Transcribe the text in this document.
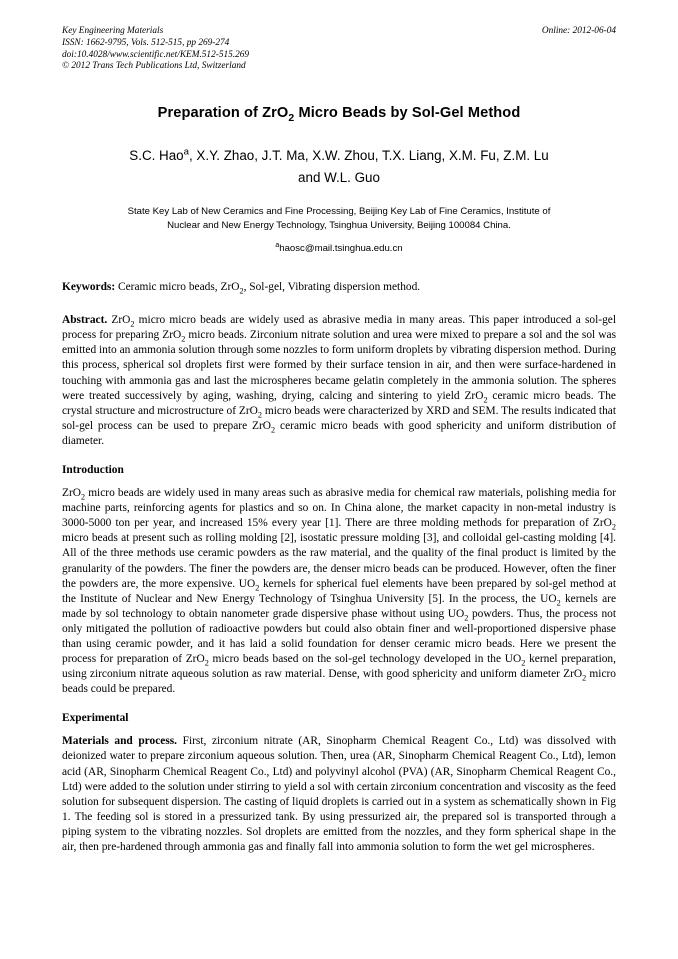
Key Engineering Materials
ISSN: 1662-9795, Vols. 512-515, pp 269-274
doi:10.4028/www.scientific.net/KEM.512-515.269
© 2012 Trans Tech Publications Ltd, Switzerland
Online: 2012-06-04
Preparation of ZrO$_2$ Micro Beads by Sol-Gel Method
S.C. Hao$^a$, X.Y. Zhao, J.T. Ma, X.W. Zhou, T.X. Liang, X.M. Fu, Z.M. Lu
and W.L. Guo
State Key Lab of New Ceramics and Fine Processing, Beijing Key Lab of Fine Ceramics, Institute of
Nuclear and New Energy Technology, Tsinghua University, Beijing 100084 China.
$^a$haosc@mail.tsinghua.edu.cn
Keywords: Ceramic micro beads, ZrO$_2$, Sol-gel, Vibrating dispersion method.
Abstract. ZrO$_2$ micro micro beads are widely used as abrasive media in many areas. This paper introduced a sol-gel process for preparing ZrO$_2$ micro beads. Zirconium nitrate solution and urea were mixed to prepare a sol and the sol was emitted into an ammonia solution through some nozzles to form uniform droplets by vibrating dispersion method. During this process, spherical sol droplets first were formed by their surface tension in air, and then were surface-hardened in touching with ammonia gas and last the microspheres became gelatin completely in the ammonia solution. The spheres were treated successively by aging, washing, drying, calcing and sintering to yield ZrO$_2$ ceramic micro beads. The crystal structure and microstructure of ZrO$_2$ micro beads were characterized by XRD and SEM. The results indicated that sol-gel process can be used to prepare ZrO$_2$ ceramic micro beads with good sphericity and uniform distribution of diameter.
Introduction
ZrO$_2$ micro beads are widely used in many areas such as abrasive media for chemical raw materials, polishing media for machine parts, reinforcing agents for plastics and so on. In China alone, the market capacity in non-metal industry is 3000-5000 ton per year, and increased 15% every year [1]. There are three molding methods for preparation of ZrO$_2$ micro beads at present such as rolling molding [2], isostatic pressure molding [3], and colloidal gel-casting molding [4]. All of the three methods use ceramic powders as the raw material, and the quality of the final product is limited by the granularity of the powders. The finer the powders are, the denser micro beads can be produced. However, often the finer the powders are, the more expensive. $UO_2$ kernels for spherical fuel elements have been prepared by sol-gel method at the Institute of Nuclear and New Energy Technology of Tsinghua University [5]. In the process, the $UO_2$ kernels are made by sol technology to obtain nanometer grade dispersive phase without using $UO_2$ powders. Thus, the process not only mitigated the pollution of radioactive powders but could also obtain finer and well-proportioned dispersive phase than using ceramic powder, and it has laid a solid foundation for denser ceramic micro beads. Here we present the process for preparation of ZrO$_2$ micro beads based on the sol-gel technology developed in the $UO_2$ kernel preparation, using zirconium nitrate aqueous solution as raw material. Dense, with good sphericity and uniform diameter ZrO$_2$ micro beads could be prepared.
Experimental
Materials and process. First, zirconium nitrate (AR, Sinopharm Chemical Reagent Co., Ltd) was dissolved with deionized water to prepare zirconium aqueous solution. Then, urea (AR, Sinopharm Chemical Reagent Co., Ltd), lemon acid (AR, Sinopharm Chemical Reagent Co., Ltd) and polyvinyl alcohol (PVA) (AR, Sinopharm Chemical Reagent Co., Ltd) were added to the solution under stirring to yield a sol with certain zirconium concentration and viscosity as the feed solution for subsequent dispersion. The casting of liquid droplets is carried out in a system as schematically shown in Fig 1. The feeding sol is stored in a pressurized tank. By using pressurized air, the prepared sol is transported through a piping system to the vibrating nozzles. Sol droplets are emitted from the nozzles, and they form spherical shape in the air, then pre-hardened through ammonia gas and finally fall into ammonia solution to form the wet gel microspheres.
